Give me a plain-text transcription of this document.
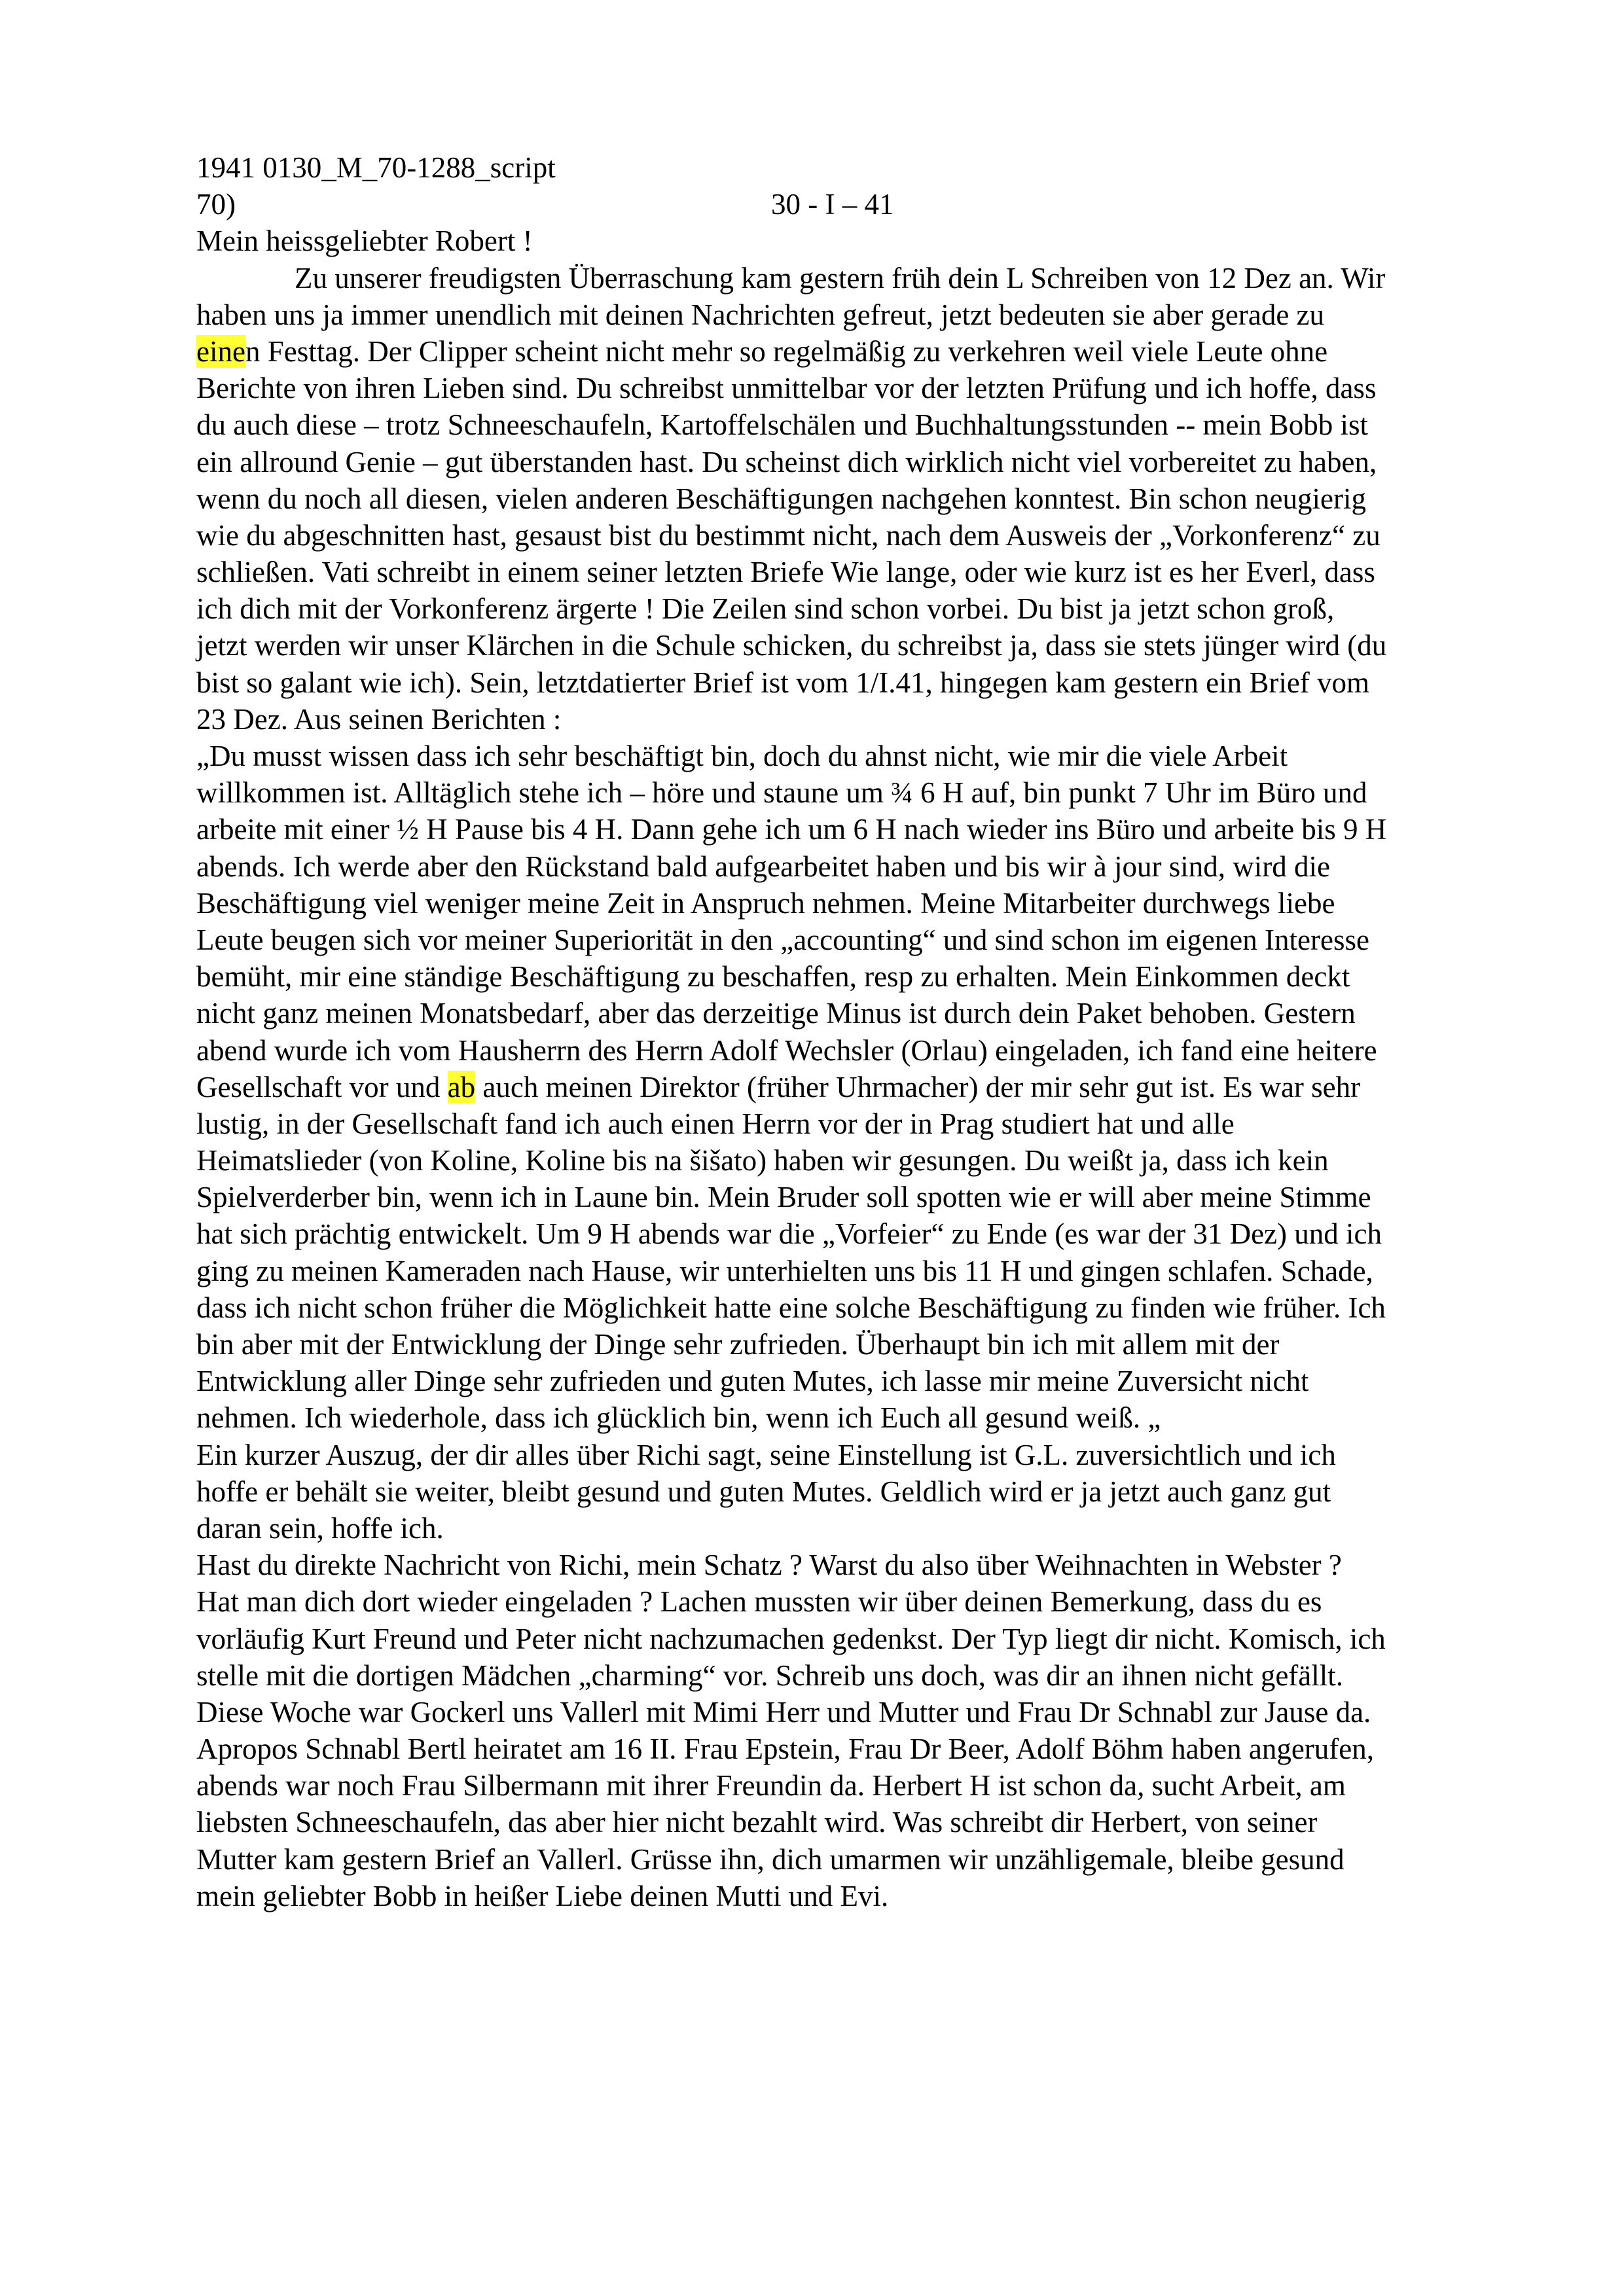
1941 0130_M_70-1288_script
70)	30 - I – 41
Mein heissgeliebter Robert !
Zu unserer freudigsten Überraschung kam gestern früh dein L Schreiben von 12 Dez an. Wir
haben uns ja immer unendlich mit deinen Nachrichten gefreut, jetzt bedeuten sie aber gerade zu
einen Festtag. Der Clipper scheint nicht mehr so regelmäßig zu verkehren weil viele Leute ohne
Berichte von ihren Lieben sind. Du schreibst unmittelbar vor der letzten Prüfung und ich hoffe, dass
du auch diese – trotz Schneeschaufeln, Kartoffelschälen und Buchhaltungsstunden -- mein Bobb ist
ein allround Genie – gut überstanden hast. Du scheinst dich wirklich nicht viel vorbereitet zu haben,
wenn du noch all diesen, vielen anderen Beschäftigungen nachgehen konntest. Bin schon neugierig
wie du abgeschnitten hast, gesaust bist du bestimmt nicht, nach dem Ausweis der „Vorkonferenz“ zu
schließen. Vati schreibt in einem seiner letzten Briefe Wie lange, oder wie kurz ist es her Everl, dass
ich dich mit der Vorkonferenz ärgerte ! Die Zeilen sind schon vorbei. Du bist ja jetzt schon groß,
jetzt werden wir unser Klärchen in die Schule schicken, du schreibst ja, dass sie stets jünger wird (du
bist so galant wie ich). Sein, letztdatierter Brief ist vom 1/I.41, hingegen kam gestern ein Brief vom
23 Dez. Aus seinen Berichten :
„Du musst wissen dass ich sehr beschäftigt bin, doch du ahnst nicht, wie mir die viele Arbeit
willkommen ist. Alltäglich stehe ich – höre und staune um ¾ 6 H auf, bin punkt 7 Uhr im Büro und
arbeite mit einer ½ H Pause bis 4 H. Dann gehe ich um 6 H nach wieder ins Büro und arbeite bis 9 H
abends. Ich werde aber den Rückstand bald aufgearbeitet haben und bis wir à jour sind, wird die
Beschäftigung viel weniger meine Zeit in Anspruch nehmen. Meine Mitarbeiter durchwegs liebe
Leute beugen sich vor meiner Superiorität in den „accounting“ und sind schon im eigenen Interesse
bemüht, mir eine ständige Beschäftigung zu beschaffen, resp zu erhalten. Mein Einkommen deckt
nicht ganz meinen Monatsbedarf, aber das derzeitige Minus ist durch dein Paket behoben. Gestern
abend wurde ich vom Hausherrn des Herrn Adolf Wechsler (Orlau) eingeladen, ich fand eine heitere
Gesellschaft vor und ab auch meinen Direktor (früher Uhrmacher) der mir sehr gut ist. Es war sehr
lustig, in der Gesellschaft fand ich auch einen Herrn vor der in Prag studiert hat und alle
Heimatslieder (von Koline, Koline bis na šišato) haben wir gesungen. Du weißt ja, dass ich kein
Spielverderber bin, wenn ich in Laune bin. Mein Bruder soll spotten wie er will aber meine Stimme
hat sich prächtig entwickelt. Um 9 H abends war die „Vorfeier“ zu Ende (es war der 31 Dez) und ich
ging zu meinen Kameraden nach Hause, wir unterhielten uns bis 11 H und gingen schlafen. Schade,
dass ich nicht schon früher die Möglichkeit hatte eine solche Beschäftigung zu finden wie früher. Ich
bin aber mit der Entwicklung der Dinge sehr zufrieden. Überhaupt bin ich mit allem mit der
Entwicklung aller Dinge sehr zufrieden und guten Mutes, ich lasse mir meine Zuversicht nicht
nehmen. Ich wiederhole, dass ich glücklich bin, wenn ich Euch all gesund weiß. „
Ein kurzer Auszug, der dir alles über Richi sagt, seine Einstellung ist G.L. zuversichtlich und ich
hoffe er behält sie weiter, bleibt gesund und guten Mutes. Geldlich wird er ja jetzt auch ganz gut
daran sein, hoffe ich.
Hast du direkte Nachricht von Richi, mein Schatz ? Warst du also über Weihnachten in Webster ?
Hat man dich dort wieder eingeladen ? Lachen mussten wir über deinen Bemerkung, dass du es
vorläufig Kurt Freund und Peter nicht nachzumachen gedenkst. Der Typ liegt dir nicht. Komisch, ich
stelle mit die dortigen Mädchen „charming“ vor. Schreib uns doch, was dir an ihnen nicht gefällt.
Diese Woche war Gockerl uns Vallerl mit Mimi Herr und Mutter und Frau Dr Schnabl zur Jause da.
Apropos Schnabl Bertl heiratet am 16 II. Frau Epstein, Frau Dr Beer, Adolf Böhm haben angerufen,
abends war noch Frau Silbermann mit ihrer Freundin da. Herbert H ist schon da, sucht Arbeit, am
liebsten Schneeschaufeln, das aber hier nicht bezahlt wird. Was schreibt dir Herbert, von seiner
Mutter kam gestern Brief an Vallerl. Grüsse ihn, dich umarmen wir unzähligemale, bleibe gesund
mein geliebter Bobb in heißer Liebe deinen Mutti und Evi.
